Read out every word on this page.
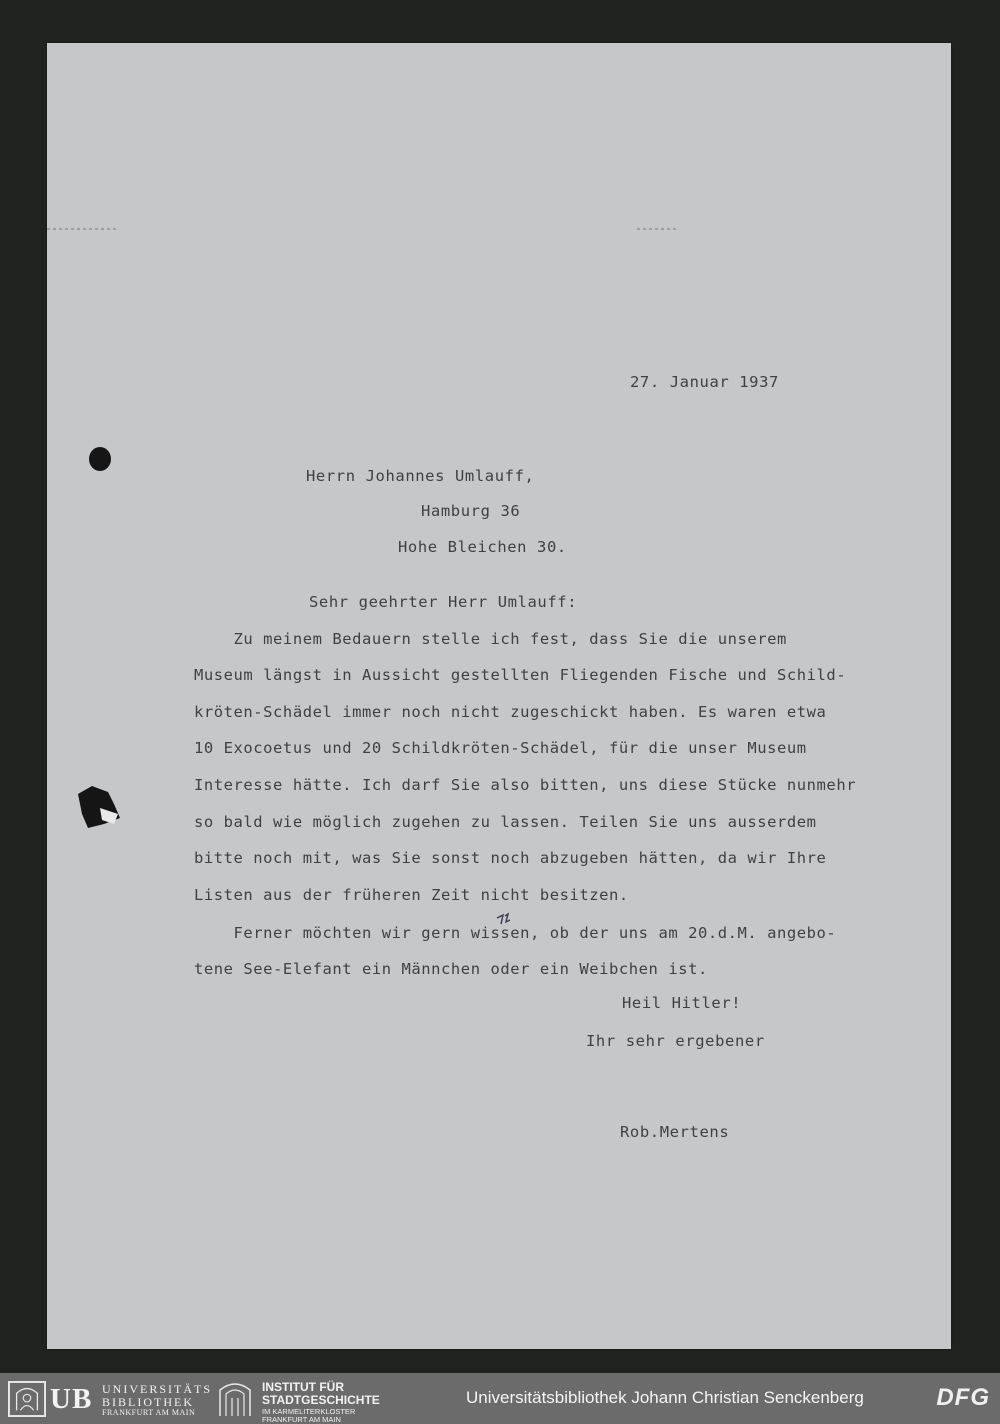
27. Januar 1937
Herrn Johannes Umlauff,
Hamburg 36
Hohe Bleichen 30.
Sehr geehrter Herr Umlauff:
Zu meinem Bedauern stelle ich fest, dass Sie die unserem
Museum längst in Aussicht gestellten Fliegenden Fische und Schild-
kröten-Schädel immer noch nicht zugeschickt haben. Es waren etwa
10 Exocoetus und 20 Schildkröten-Schädel, für die unser Museum
Interesse hätte. Ich darf Sie also bitten, uns diese Stücke nunmehr
so bald wie möglich zugehen zu lassen. Teilen Sie uns ausserdem
bitte noch mit, was Sie sonst noch abzugeben hätten, da wir Ihre
Listen aus der früheren Zeit nicht besitzen.
Ferner möchten wir gern wissen, ob der uns am 20.d.M. angebo-
tene See-Elefant ein Männchen oder ein Weibchen ist.
Heil Hitler!
Ihr sehr ergebener
Rob.Mertens
UB UNIVERSITÄTS
BIBLIOTHEK
FRANKFURT AM MAIN
INSTITUT FÜR
STADTGESCHICHTE
IM KARMELITERKLOSTER
FRANKFURT AM MAIN
Universitätsbibliothek Johann Christian Senckenberg	DFG
